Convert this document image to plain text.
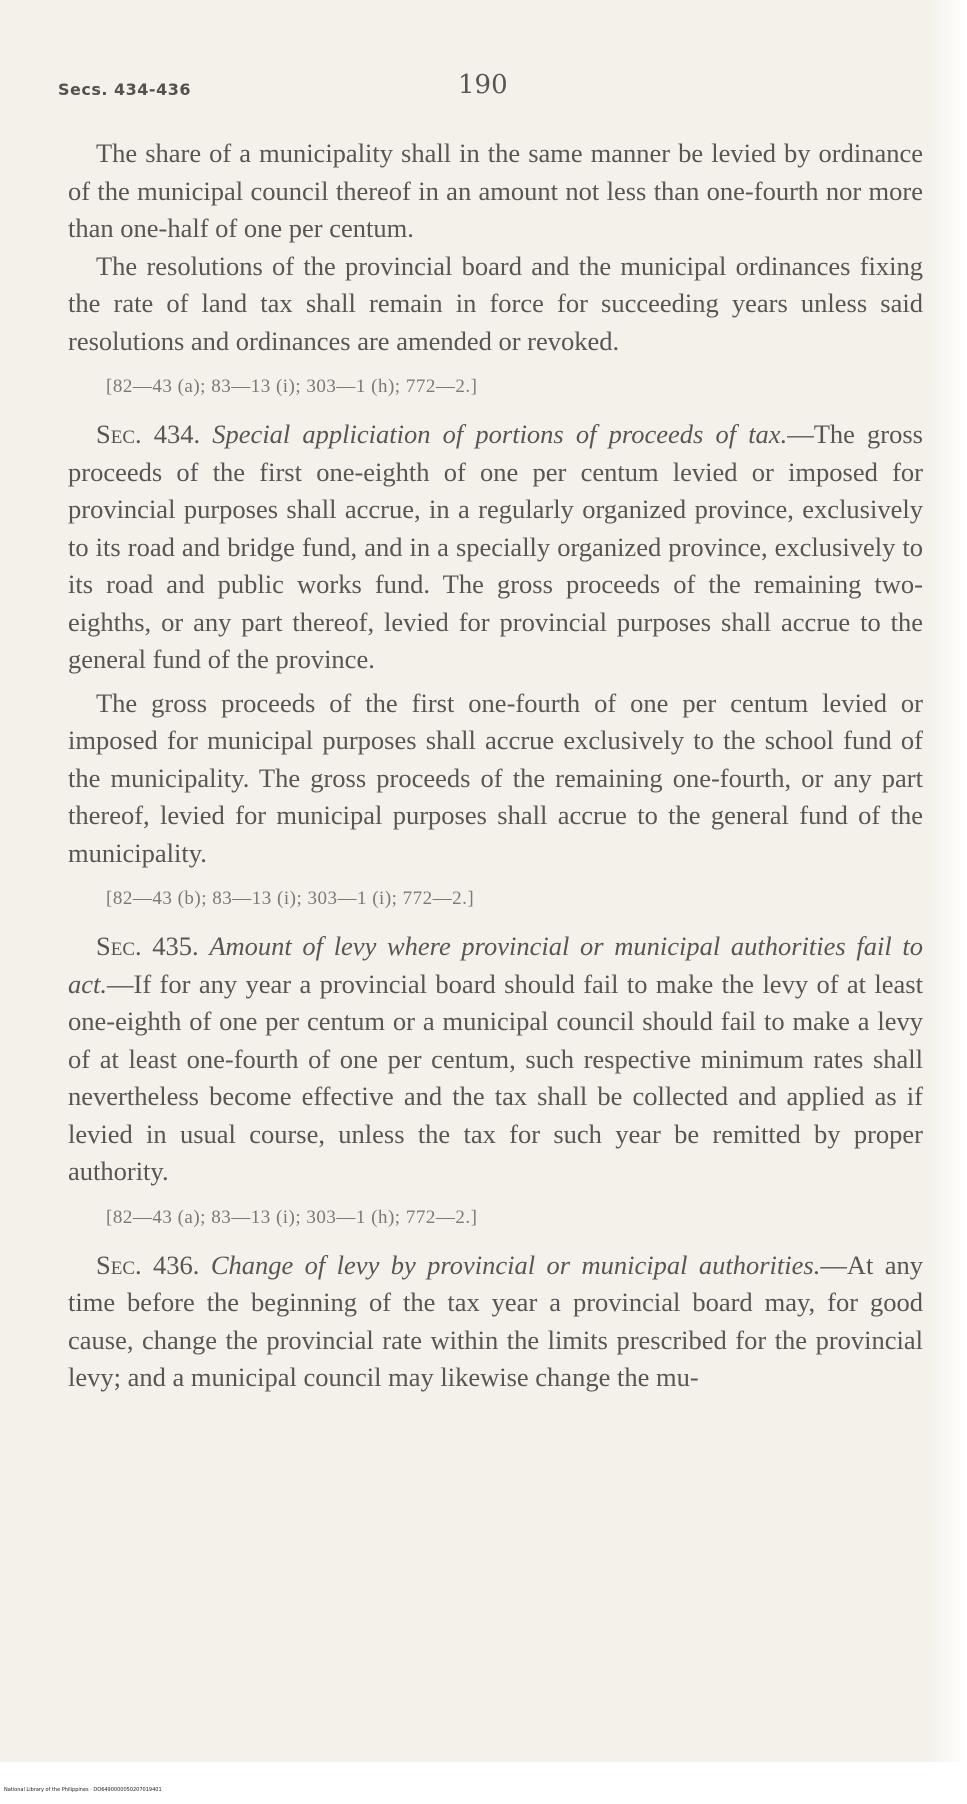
Secs. 434-436	190

The share of a municipality shall in the same manner be levied by ordinance of the municipal council thereof in an amount not less than one-fourth nor more than one-half of one per centum.

The resolutions of the provincial board and the municipal ordinances fixing the rate of land tax shall remain in force for succeeding years unless said resolutions and ordinances are amended or revoked.

[82—43 (a); 83—13 (i); 303—1 (h); 772—2.]

Sec. 434. Special appliciation of portions of proceeds of tax.—The gross proceeds of the first one-eighth of one per centum levied or imposed for provincial purposes shall accrue, in a regularly organized province, exclusively to its road and bridge fund, and in a specially organized province, exclusively to its road and public works fund. The gross proceeds of the remaining two-eighths, or any part thereof, levied for provincial purposes shall accrue to the general fund of the province.

The gross proceeds of the first one-fourth of one per centum levied or imposed for municipal purposes shall accrue exclusively to the school fund of the municipality. The gross proceeds of the remaining one-fourth, or any part thereof, levied for municipal purposes shall accrue to the general fund of the municipality.

[82—43 (b); 83—13 (i); 303—1 (i); 772—2.]

Sec. 435. Amount of levy where provincial or municipal authorities fail to act.—If for any year a provincial board should fail to make the levy of at least one-eighth of one per centum or a municipal council should fail to make a levy of at least one-fourth of one per centum, such respective minimum rates shall nevertheless become effective and the tax shall be collected and applied as if levied in usual course, unless the tax for such year be remitted by proper authority.

[82—43 (a); 83—13 (i); 303—1 (h); 772—2.]

Sec. 436. Change of levy by provincial or municipal authorities.—At any time before the beginning of the tax year a provincial board may, for good cause, change the provincial rate within the limits prescribed for the provincial levy; and a municipal council may likewise change the mu-

National Library of the Philippines · DO6490000050207019401
